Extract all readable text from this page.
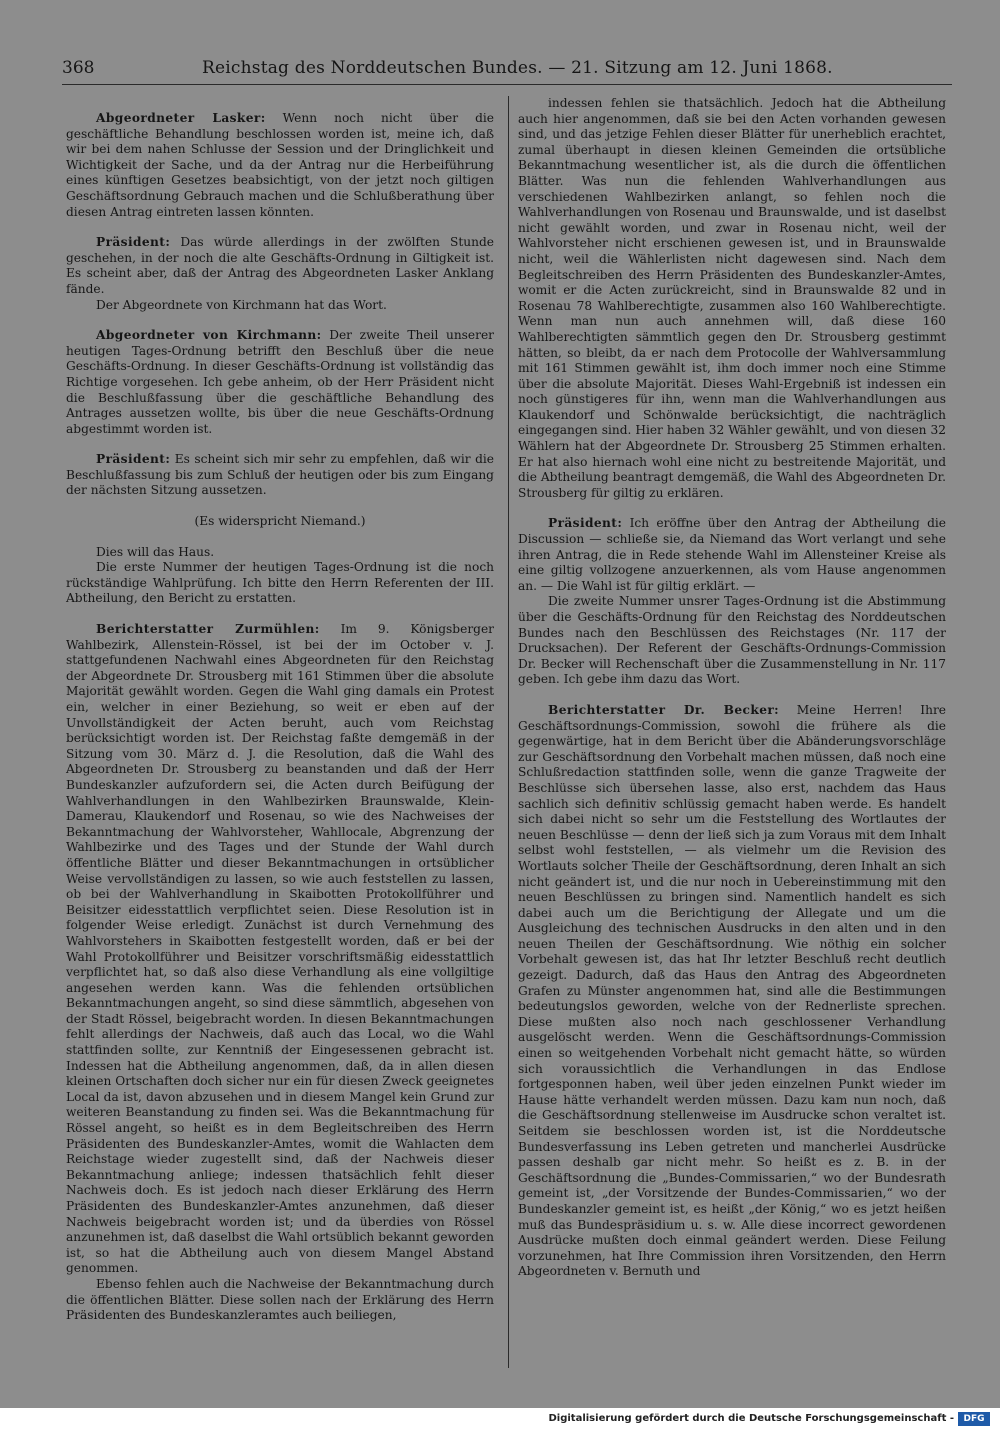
368	Reichstag des Norddeutschen Bundes. — 21. Sitzung am 12. Juni 1868.

Abgeordneter Lasker: Wenn noch nicht über die geschäftliche Behandlung beschlossen worden ist, meine ich, daß wir bei dem nahen Schlusse der Session und der Dringlichkeit und Wichtigkeit der Sache, und da der Antrag nur die Herbeiführung eines künftigen Gesetzes beabsichtigt, von der jetzt noch giltigen Geschäftsordnung Gebrauch machen und die Schlußberathung über diesen Antrag eintreten lassen könnten.

Präsident: Das würde allerdings in der zwölften Stunde geschehen, in der noch die alte Geschäfts-Ordnung in Giltigkeit ist. Es scheint aber, daß der Antrag des Abgeordneten Lasker Anklang fände.

Der Abgeordnete von Kirchmann hat das Wort.

Abgeordneter von Kirchmann: Der zweite Theil unserer heutigen Tages-Ordnung betrifft den Beschluß über die neue Geschäfts-Ordnung. In dieser Geschäfts-Ordnung ist vollständig das Richtige vorgesehen. Ich gebe anheim, ob der Herr Präsident nicht die Beschlußfassung über die geschäftliche Behandlung des Antrages aussetzen wollte, bis über die neue Geschäfts-Ordnung abgestimmt worden ist.

Präsident: Es scheint sich mir sehr zu empfehlen, daß wir die Beschlußfassung bis zum Schluß der heutigen oder bis zum Eingang der nächsten Sitzung aussetzen.

(Es widerspricht Niemand.)

Dies will das Haus.

Die erste Nummer der heutigen Tages-Ordnung ist die noch rückständige Wahlprüfung. Ich bitte den Herrn Referenten der III. Abtheilung, den Bericht zu erstatten.

Berichterstatter Zurmühlen: Im 9. Königsberger Wahlbezirk, Allenstein-Rössel, ist bei der im October v. J. stattgefundenen Nachwahl eines Abgeordneten für den Reichstag der Abgeordnete Dr. Strousberg mit 161 Stimmen über die absolute Majorität gewählt worden. Gegen die Wahl ging damals ein Protest ein, welcher in einer Beziehung, so weit er eben auf der Unvollständigkeit der Acten beruht, auch vom Reichstag berücksichtigt worden ist. Der Reichstag faßte demgemäß in der Sitzung vom 30. März d. J. die Resolution, daß die Wahl des Abgeordneten Dr. Strousberg zu beanstanden und daß der Herr Bundeskanzler aufzufordern sei, die Acten durch Beifügung der Wahlverhandlungen in den Wahlbezirken Braunswalde, Klein-Damerau, Klaukendorf und Rosenau, so wie des Nachweises der Bekanntmachung der Wahlvorsteher, Wahllocale, Abgrenzung der Wahlbezirke und des Tages und der Stunde der Wahl durch öffentliche Blätter und dieser Bekanntmachungen in ortsüblicher Weise vervollständigen zu lassen, so wie auch feststellen zu lassen, ob bei der Wahlverhandlung in Skaibotten Protokollführer und Beisitzer eidesstattlich verpflichtet seien. Diese Resolution ist in folgender Weise erledigt. Zunächst ist durch Vernehmung des Wahlvorstehers in Skaibotten festgestellt worden, daß er bei der Wahl Protokollführer und Beisitzer vorschriftsmäßig eidesstattlich verpflichtet hat, so daß also diese Verhandlung als eine vollgiltige angesehen werden kann. Was die fehlenden ortsüblichen Bekanntmachungen angeht, so sind diese sämmtlich, abgesehen von der Stadt Rössel, beigebracht worden. In diesen Bekanntmachungen fehlt allerdings der Nachweis, daß auch das Local, wo die Wahl stattfinden sollte, zur Kenntniß der Eingesessenen gebracht ist. Indessen hat die Abtheilung angenommen, daß, da in allen diesen kleinen Ortschaften doch sicher nur ein für diesen Zweck geeignetes Local da ist, davon abzusehen und in diesem Mangel kein Grund zur weiteren Beanstandung zu finden sei. Was die Bekanntmachung für Rössel angeht, so heißt es in dem Begleitschreiben des Herrn Präsidenten des Bundeskanzler-Amtes, womit die Wahlacten dem Reichstage wieder zugestellt sind, daß der Nachweis dieser Bekanntmachung anliege; indessen thatsächlich fehlt dieser Nachweis doch. Es ist jedoch nach dieser Erklärung des Herrn Präsidenten des Bundeskanzler-Amtes anzunehmen, daß dieser Nachweis beigebracht worden ist; und da überdies von Rössel anzunehmen ist, daß daselbst die Wahl ortsüblich bekannt geworden ist, so hat die Abtheilung auch von diesem Mangel Abstand genommen.

Ebenso fehlen auch die Nachweise der Bekanntmachung durch die öffentlichen Blätter. Diese sollen nach der Erklärung des Herrn Präsidenten des Bundeskanzleramtes auch beiliegen,

indessen fehlen sie thatsächlich. Jedoch hat die Abtheilung auch hier angenommen, daß sie bei den Acten vorhanden gewesen sind, und das jetzige Fehlen dieser Blätter für unerheblich erachtet, zumal überhaupt in diesen kleinen Gemeinden die ortsübliche Bekanntmachung wesentlicher ist, als die durch die öffentlichen Blätter. Was nun die fehlenden Wahlverhandlungen aus verschiedenen Wahlbezirken anlangt, so fehlen noch die Wahlverhandlungen von Rosenau und Braunswalde, und ist daselbst nicht gewählt worden, und zwar in Rosenau nicht, weil der Wahlvorsteher nicht erschienen gewesen ist, und in Braunswalde nicht, weil die Wählerlisten nicht dagewesen sind. Nach dem Begleitschreiben des Herrn Präsidenten des Bundeskanzler-Amtes, womit er die Acten zurückreicht, sind in Braunswalde 82 und in Rosenau 78 Wahlberechtigte, zusammen also 160 Wahlberechtigte. Wenn man nun auch annehmen will, daß diese 160 Wahlberechtigten sämmtlich gegen den Dr. Strousberg gestimmt hätten, so bleibt, da er nach dem Protocolle der Wahlversammlung mit 161 Stimmen gewählt ist, ihm doch immer noch eine Stimme über die absolute Majorität. Dieses Wahl-Ergebniß ist indessen ein noch günstigeres für ihn, wenn man die Wahlverhandlungen aus Klaukendorf und Schönwalde berücksichtigt, die nachträglich eingegangen sind. Hier haben 32 Wähler gewählt, und von diesen 32 Wählern hat der Abgeordnete Dr. Strousberg 25 Stimmen erhalten. Er hat also hiernach wohl eine nicht zu bestreitende Majorität, und die Abtheilung beantragt demgemäß, die Wahl des Abgeordneten Dr. Strousberg für giltig zu erklären.

Präsident: Ich eröffne über den Antrag der Abtheilung die Discussion — schließe sie, da Niemand das Wort verlangt und sehe ihren Antrag, die in Rede stehende Wahl im Allensteiner Kreise als eine giltig vollzogene anzuerkennen, als vom Hause angenommen an. — Die Wahl ist für giltig erklärt. —

Die zweite Nummer unsrer Tages-Ordnung ist die Abstimmung über die Geschäfts-Ordnung für den Reichstag des Norddeutschen Bundes nach den Beschlüssen des Reichstages (Nr. 117 der Drucksachen). Der Referent der Geschäfts-Ordnungs-Commission Dr. Becker will Rechenschaft über die Zusammenstellung in Nr. 117 geben. Ich gebe ihm dazu das Wort.

Berichterstatter Dr. Becker: Meine Herren! Ihre Geschäftsordnungs-Commission, sowohl die frühere als die gegenwärtige, hat in dem Bericht über die Abänderungsvorschläge zur Geschäftsordnung den Vorbehalt machen müssen, daß noch eine Schlußredaction stattfinden solle, wenn die ganze Tragweite der Beschlüsse sich übersehen lasse, also erst, nachdem das Haus sachlich sich definitiv schlüssig gemacht haben werde. Es handelt sich dabei nicht so sehr um die Feststellung des Wortlautes der neuen Beschlüsse — denn der ließ sich ja zum Voraus mit dem Inhalt selbst wohl feststellen, — als vielmehr um die Revision des Wortlauts solcher Theile der Geschäftsordnung, deren Inhalt an sich nicht geändert ist, und die nur noch in Uebereinstimmung mit den neuen Beschlüssen zu bringen sind. Namentlich handelt es sich dabei auch um die Berichtigung der Allegate und um die Ausgleichung des technischen Ausdrucks in den alten und in den neuen Theilen der Geschäftsordnung. Wie nöthig ein solcher Vorbehalt gewesen ist, das hat Ihr letzter Beschluß recht deutlich gezeigt. Dadurch, daß das Haus den Antrag des Abgeordneten Grafen zu Münster angenommen hat, sind alle die Bestimmungen bedeutungslos geworden, welche von der Rednerliste sprechen. Diese mußten also noch nach geschlossener Verhandlung ausgelöscht werden. Wenn die Geschäftsordnungs-Commission einen so weitgehenden Vorbehalt nicht gemacht hätte, so würden sich voraussichtlich die Verhandlungen in das Endlose fortgesponnen haben, weil über jeden einzelnen Punkt wieder im Hause hätte verhandelt werden müssen. Dazu kam nun noch, daß die Geschäftsordnung stellenweise im Ausdrucke schon veraltet ist. Seitdem sie beschlossen worden ist, ist die Norddeutsche Bundesverfassung ins Leben getreten und mancherlei Ausdrücke passen deshalb gar nicht mehr. So heißt es z. B. in der Geschäftsordnung die „Bundes-Commissarien,“ wo der Bundesrath gemeint ist, „der Vorsitzende der Bundes-Commissarien,“ wo der Bundeskanzler gemeint ist, es heißt „der König,“ wo es jetzt heißen muß das Bundespräsidium u. s. w. Alle diese incorrect gewordenen Ausdrücke mußten doch einmal geändert werden. Diese Feilung vorzunehmen, hat Ihre Commission ihren Vorsitzenden, den Herrn Abgeordneten v. Bernuth und

Digitalisierung gefördert durch die Deutsche Forschungsgemeinschaft -	DFG
